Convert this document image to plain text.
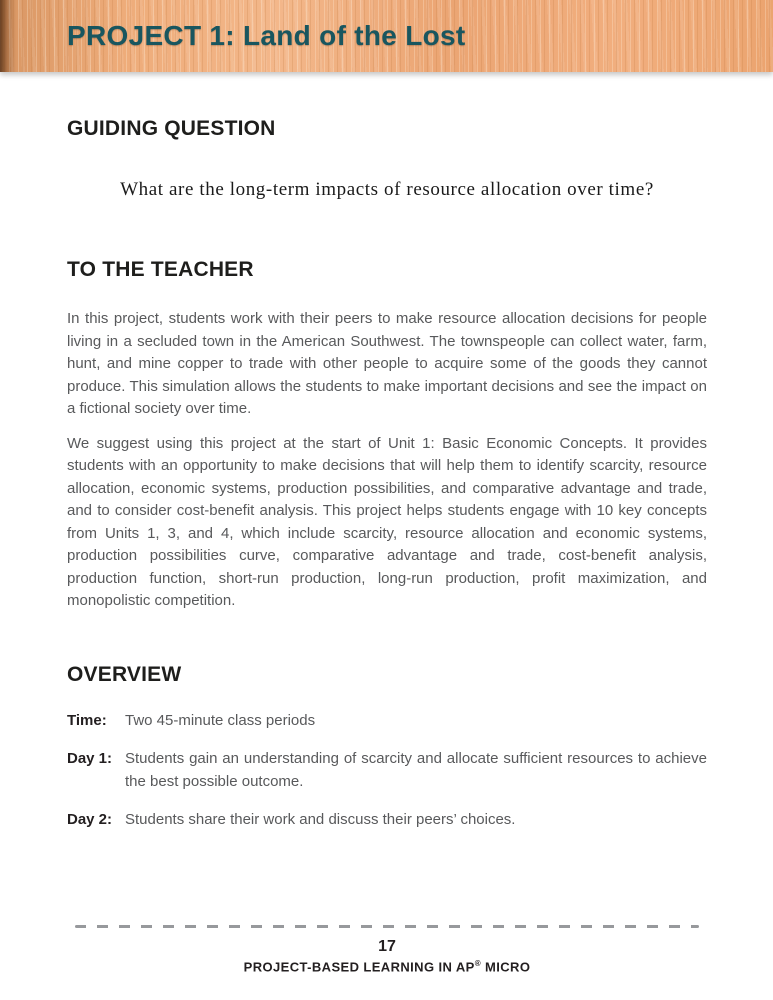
PROJECT 1: Land of the Lost
GUIDING QUESTION

What are the long-term impacts of resource allocation over time?

TO THE TEACHER

In this project, students work with their peers to make resource allocation decisions for people living in a secluded town in the American Southwest. The townspeople can collect water, farm, hunt, and mine copper to trade with other people to acquire some of the goods they cannot produce. This simulation allows the students to make important decisions and see the impact on a fictional society over time.

We suggest using this project at the start of Unit 1: Basic Economic Concepts. It provides students with an opportunity to make decisions that will help them to identify scarcity, resource allocation, economic systems, production possibilities, and comparative advantage and trade, and to consider cost-benefit analysis. This project helps students engage with 10 key concepts from Units 1, 3, and 4, which include scarcity, resource allocation and economic systems, production possibilities curve, comparative advantage and trade, cost-benefit analysis, production function, short-run production, long-run production, profit maximization, and monopolistic competition.

OVERVIEW
Time:	Two 45-minute class periods
Day 1: Students gain an understanding of scarcity and allocate sufficient resources to achieve the best possible outcome.
Day 2: Students share their work and discuss their peers’ choices.
17
PROJECT-BASED LEARNING IN AP® MICRO
